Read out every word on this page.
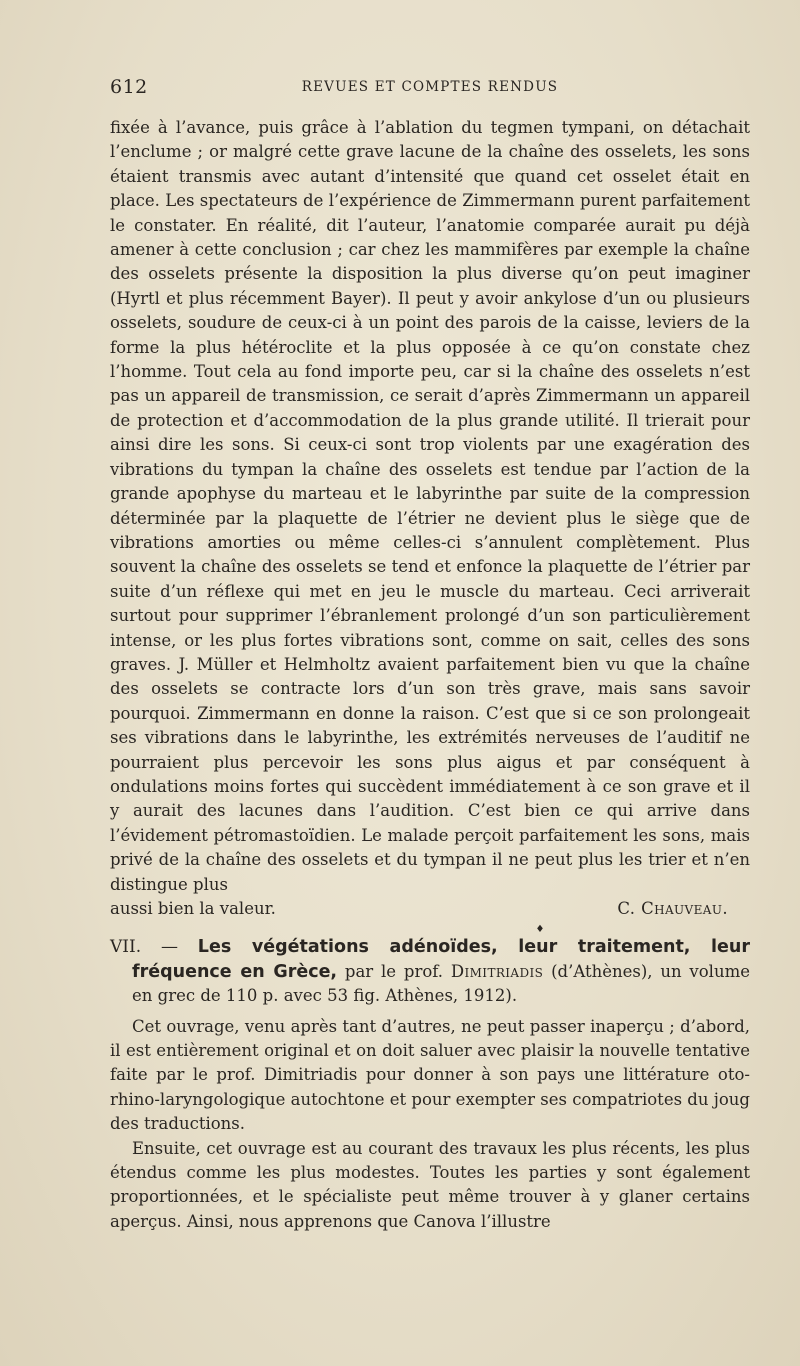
612	REVUES ET COMPTES RENDUS

fixée à l’avance, puis grâce à l’ablation du tegmen tympani, on détachait l’enclume ; or malgré cette grave lacune de la chaîne des osselets, les sons étaient transmis avec autant d’intensité que quand cet osselet était en place. Les spectateurs de l’expérience de Zimmermann purent parfaitement le constater. En réalité, dit l’auteur, l’anatomie comparée aurait pu déjà amener à cette conclusion ; car chez les mammifères par exemple la chaîne des osselets présente la disposition la plus diverse qu’on peut imaginer (Hyrtl et plus récemment Bayer). Il peut y avoir ankylose d’un ou plusieurs osselets, soudure de ceux-ci à un point des parois de la caisse, leviers de la forme la plus hétéroclite et la plus opposée à ce qu’on constate chez l’homme. Tout cela au fond importe peu, car si la chaîne des osselets n’est pas un appareil de transmission, ce serait d’après Zimmermann un appareil de protection et d’accommodation de la plus grande utilité. Il trierait pour ainsi dire les sons. Si ceux-ci sont trop violents par une exagération des vibrations du tympan la chaîne des osselets est tendue par l’action de la grande apophyse du marteau et le labyrinthe par suite de la compression déterminée par la plaquette de l’étrier ne devient plus le siège que de vibrations amorties ou même celles-ci s’annulent complètement. Plus souvent la chaîne des osselets se tend et enfonce la plaquette de l’étrier par suite d’un réflexe qui met en jeu le muscle du marteau. Ceci arriverait surtout pour supprimer l’ébranlement prolongé d’un son particulièrement intense, or les plus fortes vibrations sont, comme on sait, celles des sons graves. J. Müller et Helmholtz avaient parfaitement bien vu que la chaîne des osselets se contracte lors d’un son très grave, mais sans savoir pourquoi. Zimmermann en donne la raison. C’est que si ce son prolongeait ses vibrations dans le labyrinthe, les extrémités nerveuses de l’auditif ne pourraient plus percevoir les sons plus aigus et par conséquent à ondulations moins fortes qui succèdent immédiatement à ce son grave et il y aurait des lacunes dans l’audition. C’est bien ce qui arrive dans l’évidement pétromastoïdien. Le malade perçoit parfaitement les sons, mais privé de la chaîne des osselets et du tympan il ne peut plus les trier et n’en distingue plus

aussi bien la valeur.	C. Chauveau.
♦

VII. — Les végétations adénoïdes, leur traitement, leur fréquence en Grèce, par le prof. Dimitriadis (d’Athènes), un volume en grec de 110 p. avec 53 fig. Athènes, 1912).

Cet ouvrage, venu après tant d’autres, ne peut passer inaperçu ; d’abord, il est entièrement original et on doit saluer avec plaisir la nouvelle tentative faite par le prof. Dimitriadis pour donner à son pays une littérature oto-rhino-laryngologique autochtone et pour exempter ses compatriotes du joug des traductions.

Ensuite, cet ouvrage est au courant des travaux les plus récents, les plus étendus comme les plus modestes. Toutes les parties y sont également proportionnées, et le spécialiste peut même trouver à y glaner certains aperçus. Ainsi, nous apprenons que Canova l’illustre
